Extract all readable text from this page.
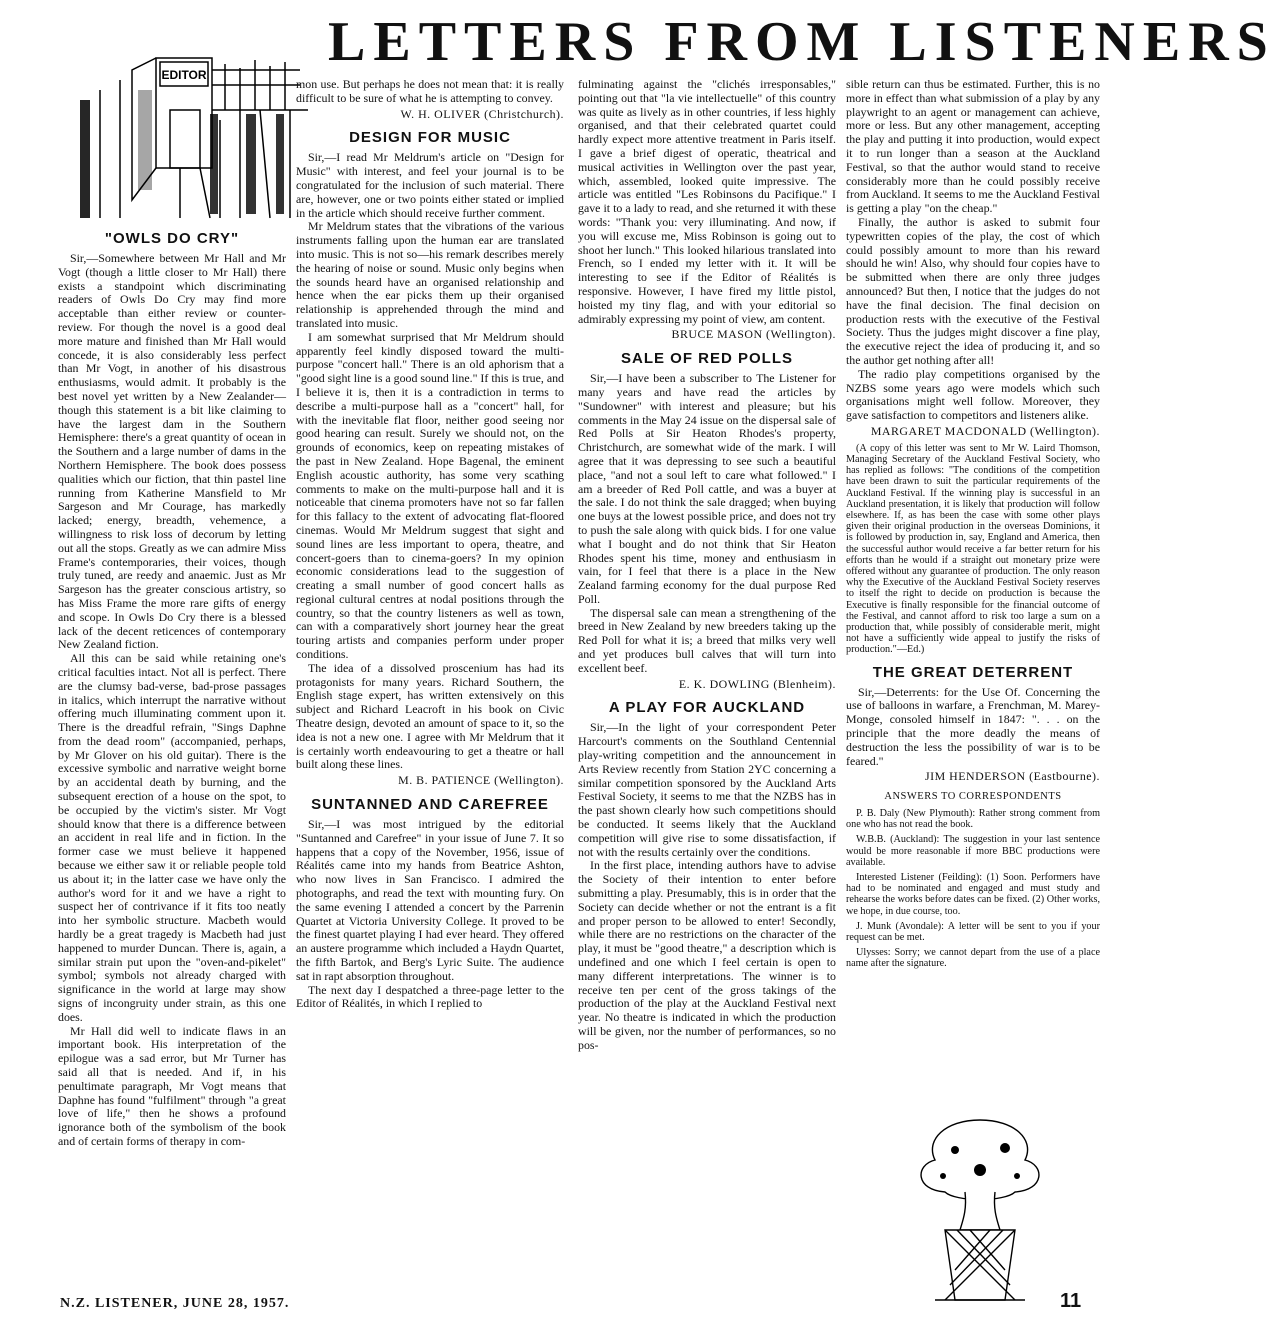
LETTERS FROM LISTENERS
EDITOR
"OWLS DO CRY"

Sir,—Somewhere between Mr Hall and Mr Vogt (though a little closer to Mr Hall) there exists a standpoint which discriminating readers of Owls Do Cry may find more acceptable than either review or counter-review. For though the novel is a good deal more mature and finished than Mr Hall would concede, it is also considerably less perfect than Mr Vogt, in another of his disastrous enthusiasms, would admit. It probably is the best novel yet written by a New Zealander—though this statement is a bit like claiming to have the largest dam in the Southern Hemisphere: there's a great quantity of ocean in the Southern and a large number of dams in the Northern Hemisphere. The book does possess qualities which our fiction, that thin pastel line running from Katherine Mansfield to Mr Sargeson and Mr Courage, has markedly lacked; energy, breadth, vehemence, a willingness to risk loss of decorum by letting out all the stops. Greatly as we can admire Miss Frame's contemporaries, their voices, though truly tuned, are reedy and anaemic. Just as Mr Sargeson has the greater conscious artistry, so has Miss Frame the more rare gifts of energy and scope. In Owls Do Cry there is a blessed lack of the decent reticences of contemporary New Zealand fiction.

All this can be said while retaining one's critical faculties intact. Not all is perfect. There are the clumsy bad-verse, bad-prose passages in italics, which interrupt the narrative without offering much illuminating comment upon it. There is the dreadful refrain, "Sings Daphne from the dead room" (accompanied, perhaps, by Mr Glover on his old guitar). There is the excessive symbolic and narrative weight borne by an accidental death by burning, and the subsequent erection of a house on the spot, to be occupied by the victim's sister. Mr Vogt should know that there is a difference between an accident in real life and in fiction. In the former case we must believe it happened because we either saw it or reliable people told us about it; in the latter case we have only the author's word for it and we have a right to suspect her of contrivance if it fits too neatly into her symbolic structure. Macbeth would hardly be a great tragedy is Macbeth had just happened to murder Duncan. There is, again, a similar strain put upon the "oven-and-pikelet" symbol; symbols not already charged with significance in the world at large may show signs of incongruity under strain, as this one does.

Mr Hall did well to indicate flaws in an important book. His interpretation of the epilogue was a sad error, but Mr Turner has said all that is needed. And if, in his penultimate paragraph, Mr Vogt means that Daphne has found "fulfilment" through "a great love of life," then he shows a profound ignorance both of the symbolism of the book and of certain forms of therapy in com-

mon use. But perhaps he does not mean that: it is really difficult to be sure of what he is attempting to convey.

W. H. OLIVER (Christchurch).

DESIGN FOR MUSIC

Sir,—I read Mr Meldrum's article on "Design for Music" with interest, and feel your journal is to be congratulated for the inclusion of such material. There are, however, one or two points either stated or implied in the article which should receive further comment.

Mr Meldrum states that the vibrations of the various instruments falling upon the human ear are translated into music. This is not so—his remark describes merely the hearing of noise or sound. Music only begins when the sounds heard have an organised relationship and hence when the ear picks them up their organised relationship is apprehended through the mind and translated into music.

I am somewhat surprised that Mr Meldrum should apparently feel kindly disposed toward the multi-purpose "concert hall." There is an old aphorism that a "good sight line is a good sound line." If this is true, and I believe it is, then it is a contradiction in terms to describe a multi-purpose hall as a "concert" hall, for with the inevitable flat floor, neither good seeing nor good hearing can result. Surely we should not, on the grounds of economics, keep on repeating mistakes of the past in New Zealand. Hope Bagenal, the eminent English acoustic authority, has some very scathing comments to make on the multi-purpose hall and it is noticeable that cinema promoters have not so far fallen for this fallacy to the extent of advocating flat-floored cinemas. Would Mr Meldrum suggest that sight and sound lines are less important to opera, theatre, and concert-goers than to cinema-goers? In my opinion economic considerations lead to the suggestion of creating a small number of good concert halls as regional cultural centres at nodal positions through the country, so that the country listeners as well as town, can with a comparatively short journey hear the great touring artists and companies perform under proper conditions.

The idea of a dissolved proscenium has had its protagonists for many years. Richard Southern, the English stage expert, has written extensively on this subject and Richard Leacroft in his book on Civic Theatre design, devoted an amount of space to it, so the idea is not a new one. I agree with Mr Meldrum that it is certainly worth endeavouring to get a theatre or hall built along these lines.

M. B. PATIENCE (Wellington).

SUNTANNED AND CAREFREE

Sir,—I was most intrigued by the editorial "Suntanned and Carefree" in your issue of June 7. It so happens that a copy of the November, 1956, issue of Réalités came into my hands from Beatrice Ashton, who now lives in San Francisco. I admired the photographs, and read the text with mounting fury. On the same evening I attended a concert by the Parrenin Quartet at Victoria University College. It proved to be the finest quartet playing I had ever heard. They offered an austere programme which included a Haydn Quartet, the fifth Bartok, and Berg's Lyric Suite. The audience sat in rapt absorption throughout.

The next day I despatched a three-page letter to the Editor of Réalités, in which I replied to

fulminating against the "clichés irresponsables," pointing out that "la vie intellectuelle" of this country was quite as lively as in other countries, if less highly organised, and that their celebrated quartet could hardly expect more attentive treatment in Paris itself. I gave a brief digest of operatic, theatrical and musical activities in Wellington over the past year, which, assembled, looked quite impressive. The article was entitled "Les Robinsons du Pacifique." I gave it to a lady to read, and she returned it with these words: "Thank you: very illuminating. And now, if you will excuse me, Miss Robinson is going out to shoot her lunch." This looked hilarious translated into French, so I ended my letter with it. It will be interesting to see if the Editor of Réalités is responsive. However, I have fired my little pistol, hoisted my tiny flag, and with your editorial so admirably expressing my point of view, am content.

BRUCE MASON (Wellington).

SALE OF RED POLLS

Sir,—I have been a subscriber to The Listener for many years and have read the articles by "Sundowner" with interest and pleasure; but his comments in the May 24 issue on the dispersal sale of Red Polls at Sir Heaton Rhodes's property, Christchurch, are somewhat wide of the mark. I will agree that it was depressing to see such a beautiful place, "and not a soul left to care what followed." I am a breeder of Red Poll cattle, and was a buyer at the sale. I do not think the sale dragged; when buying one buys at the lowest possible price, and does not try to push the sale along with quick bids. I for one value what I bought and do not think that Sir Heaton Rhodes spent his time, money and enthusiasm in vain, for I feel that there is a place in the New Zealand farming economy for the dual purpose Red Poll.

The dispersal sale can mean a strengthening of the breed in New Zealand by new breeders taking up the Red Poll for what it is; a breed that milks very well and yet produces bull calves that will turn into excellent beef.

E. K. DOWLING (Blenheim).

A PLAY FOR AUCKLAND

Sir,—In the light of your correspondent Peter Harcourt's comments on the Southland Centennial play-writing competition and the announcement in Arts Review recently from Station 2YC concerning a similar competition sponsored by the Auckland Arts Festival Society, it seems to me that the NZBS has in the past shown clearly how such competitions should be conducted. It seems likely that the Auckland competition will give rise to some dissatisfaction, if not with the results certainly over the conditions.

In the first place, intending authors have to advise the Society of their intention to enter before submitting a play. Presumably, this is in order that the Society can decide whether or not the entrant is a fit and proper person to be allowed to enter! Secondly, while there are no restrictions on the character of the play, it must be "good theatre," a description which is undefined and one which I feel certain is open to many different interpretations. The winner is to receive ten per cent of the gross takings of the production of the play at the Auckland Festival next year. No theatre is indicated in which the production will be given, nor the number of performances, so no pos-

sible return can thus be estimated. Further, this is no more in effect than what submission of a play by any playwright to an agent or management can achieve, more or less. But any other management, accepting the play and putting it into production, would expect it to run longer than a season at the Auckland Festival, so that the author would stand to receive considerably more than he could possibly receive from Auckland. It seems to me the Auckland Festival is getting a play "on the cheap."

Finally, the author is asked to submit four typewritten copies of the play, the cost of which could possibly amount to more than his reward should he win! Also, why should four copies have to be submitted when there are only three judges announced? But then, I notice that the judges do not have the final decision. The final decision on production rests with the executive of the Festival Society. Thus the judges might discover a fine play, the executive reject the idea of producing it, and so the author get nothing after all!

The radio play competitions organised by the NZBS some years ago were models which such organisations might well follow. Moreover, they gave satisfaction to competitors and listeners alike.

MARGARET MACDONALD (Wellington).

(A copy of this letter was sent to Mr W. Laird Thomson, Managing Secretary of the Auckland Festival Society, who has replied as follows: "The conditions of the competition have been drawn to suit the particular requirements of the Auckland Festival. If the winning play is successful in an Auckland presentation, it is likely that production will follow elsewhere. If, as has been the case with some other plays given their original production in the overseas Dominions, it is followed by production in, say, England and America, then the successful author would receive a far better return for his efforts than he would if a straight out monetary prize were offered without any guarantee of production. The only reason why the Executive of the Auckland Festival Society reserves to itself the right to decide on production is because the Executive is finally responsible for the financial outcome of the Festival, and cannot afford to risk too large a sum on a production that, while possibly of considerable merit, might not have a sufficiently wide appeal to justify the risks of production."—Ed.)

THE GREAT DETERRENT

Sir,—Deterrents: for the Use Of. Concerning the use of balloons in warfare, a Frenchman, M. Marey-Monge, consoled himself in 1847: ". . . on the principle that the more deadly the means of destruction the less the possibility of war is to be feared."

JIM HENDERSON (Eastbourne).

ANSWERS TO CORRESPONDENTS

P. B. Daly (New Plymouth): Rather strong comment from one who has not read the book.

W.B.B. (Auckland): The suggestion in your last sentence would be more reasonable if more BBC productions were available.

Interested Listener (Feilding): (1) Soon. Performers have had to be nominated and engaged and must study and rehearse the works before dates can be fixed. (2) Other works, we hope, in due course, too.

J. Munk (Avondale): A letter will be sent to you if your request can be met.

Ulysses: Sorry; we cannot depart from the use of a place name after the signature.

N.Z. LISTENER, JUNE 28, 1957.	11
